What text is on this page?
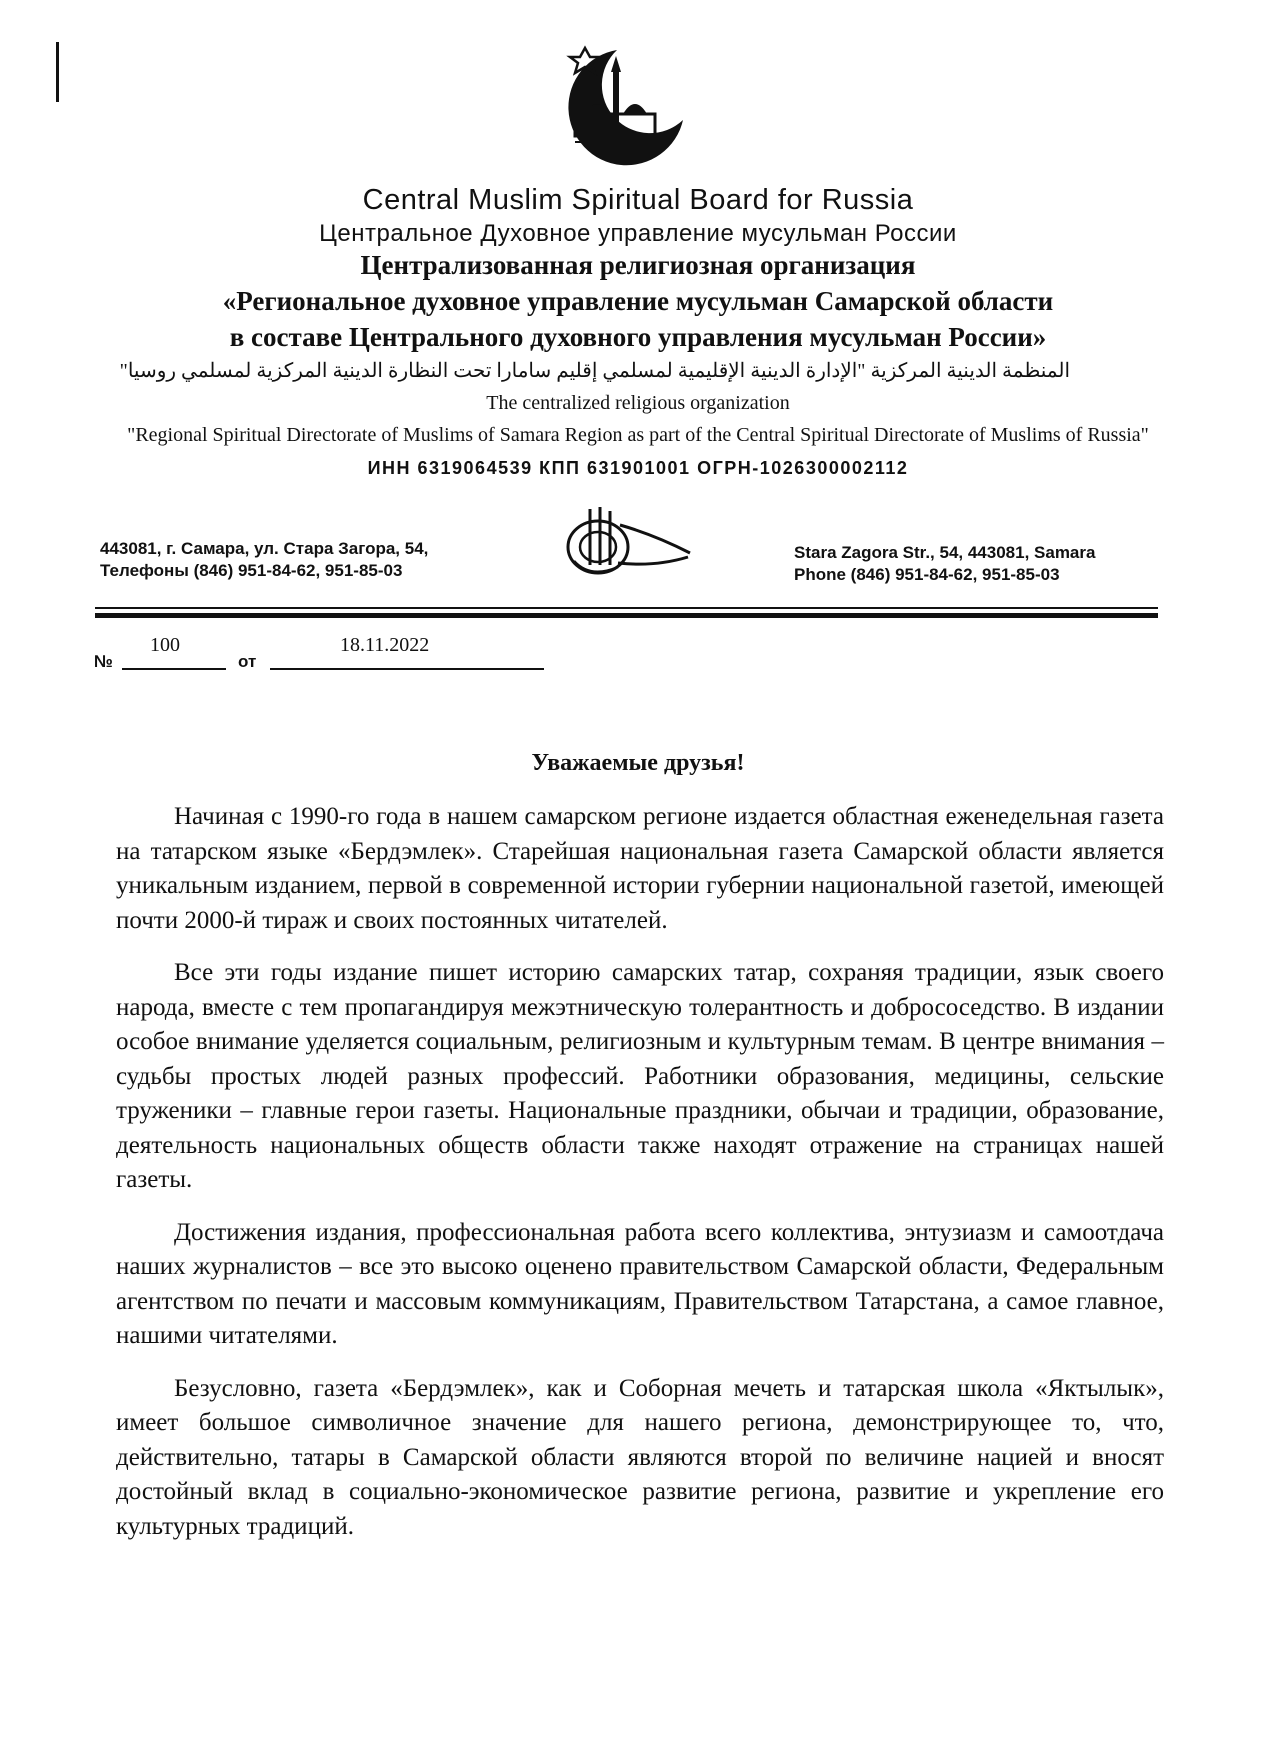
Central Muslim Spiritual Board for Russia
Центральное Духовное управление мусульман России
Централизованная религиозная организация
«Региональное духовное управление мусульман Самарской области
в составе Центрального духовного управления мусульман России»
المنظمة الدينية المركزية "الإدارة الدينية الإقليمية لمسلمي إقليم سامارا تحت النظارة الدينية المركزية لمسلمي روسيا"
The centralized religious organization
"Regional Spiritual Directorate of Muslims of Samara Region as part of the Central Spiritual Directorate of Muslims of Russia"
ИНН 6319064539 КПП 631901001 ОГРН-1026300002112
443081, г. Самара, ул. Стара Загора, 54,
Телефоны (846) 951-84-62, 951-85-03
Stara Zagora Str., 54, 443081, Samara
Phone (846) 951-84-62, 951-85-03
№
100
от
18.11.2022
Уважаемые друзья!

Начиная с 1990-го года в нашем самарском регионе издается областная еженедельная газета на татарском языке «Бердэмлек». Старейшая национальная газета Самарской области является уникальным изданием, первой в современной истории губернии национальной газетой, имеющей почти 2000-й тираж и своих постоянных читателей.

Все эти годы издание пишет историю самарских татар, сохраняя традиции, язык своего народа, вместе с тем пропагандируя межэтническую толерантность и добрососедство. В издании особое внимание уделяется социальным, религиозным и культурным темам. В центре внимания – судьбы простых людей разных профессий. Работники образования, медицины, сельские труженики – главные герои газеты. Национальные праздники, обычаи и традиции, образование, деятельность национальных обществ области также находят отражение на страницах нашей газеты.

Достижения издания, профессиональная работа всего коллектива, энтузиазм и самоотдача наших журналистов – все это высоко оценено правительством Самарской области, Федеральным агентством по печати и массовым коммуникациям, Правительством Татарстана, а самое главное, нашими читателями.

Безусловно, газета «Бердэмлек», как и Соборная мечеть и татарская школа «Яктылык», имеет большое символичное значение для нашего региона, демонстрирующее то, что, действительно, татары в Самарской области являются второй по величине нацией и вносят достойный вклад в социально-экономическое развитие региона, развитие и укрепление его культурных традиций.
